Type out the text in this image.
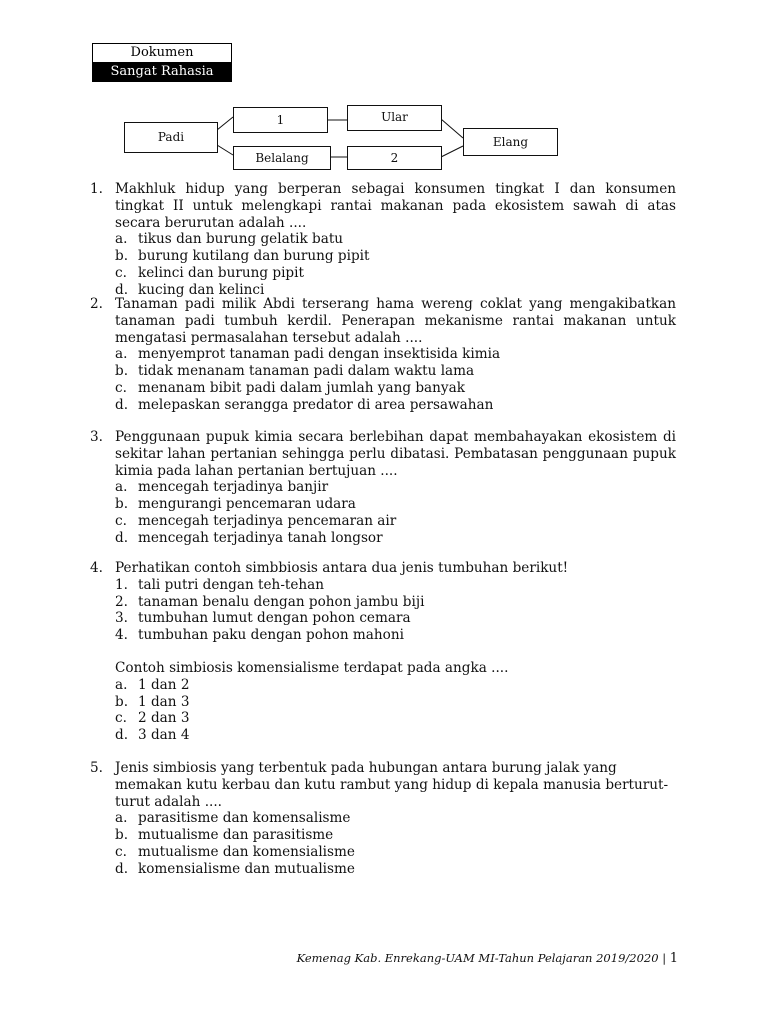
Dokumen
Sangat Rahasia
Padi
1
Belalang
Ular
2
Elang
1. Makhluk hidup yang berperan sebagai konsumen tingkat I dan konsumen tingkat II untuk melengkapi rantai makanan pada ekosistem sawah di atas secara berurutan adalah ....
a. tikus dan burung gelatik batu
b. burung kutilang dan burung pipit
c. kelinci dan burung pipit
d. kucing dan kelinci
2. Tanaman padi milik Abdi terserang hama wereng coklat yang mengakibatkan tanaman padi tumbuh kerdil. Penerapan mekanisme rantai makanan untuk mengatasi permasalahan tersebut adalah ....
a. menyemprot tanaman padi dengan insektisida kimia
b. tidak menanam tanaman padi dalam waktu lama
c. menanam bibit padi dalam jumlah yang banyak
d. melepaskan serangga predator di area persawahan
3. Penggunaan pupuk kimia secara berlebihan dapat membahayakan ekosistem di sekitar lahan pertanian sehingga perlu dibatasi. Pembatasan penggunaan pupuk kimia pada lahan pertanian bertujuan ....
a. mencegah terjadinya banjir
b. mengurangi pencemaran udara
c. mencegah terjadinya pencemaran air
d. mencegah terjadinya tanah longsor
4. Perhatikan contoh simbbiosis antara dua jenis tumbuhan berikut!
1. tali putri dengan teh-tehan
2. tanaman benalu dengan pohon jambu biji
3. tumbuhan lumut dengan pohon cemara
4. tumbuhan paku dengan pohon mahoni
Contoh simbiosis komensialisme terdapat pada angka ....
a. 1 dan 2
b. 1 dan 3
c. 2 dan 3
d. 3 dan 4
5. Jenis simbiosis yang terbentuk pada hubungan antara burung jalak yang memakan kutu kerbau dan kutu rambut yang hidup di kepala manusia berturut-turut adalah ....
a. parasitisme dan komensalisme
b. mutualisme dan parasitisme
c. mutualisme dan komensialisme
d. komensialisme dan mutualisme
Kemenag Kab. Enrekang-UAM MI-Tahun Pelajaran 2019/2020 | 1
